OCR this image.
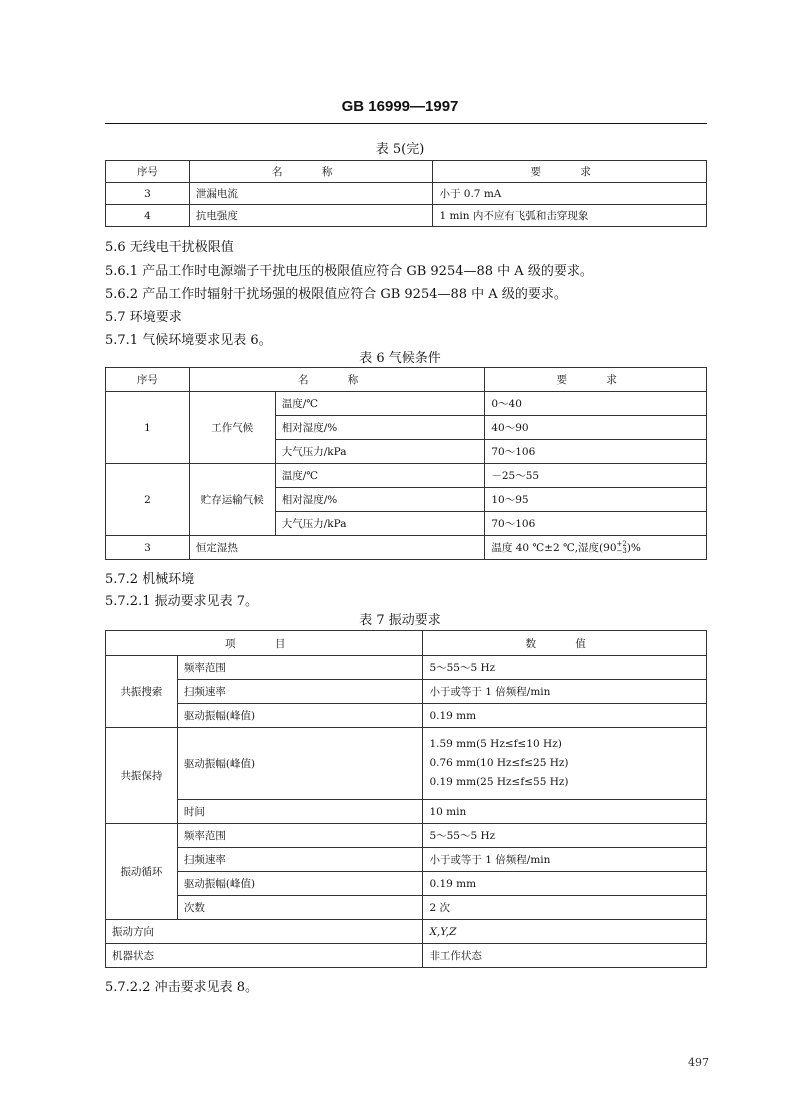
GB 16999—1997
表 5(完)
序号	名 称	要 求
3	泄漏电流	小于 0.7 mA
4	抗电强度	1 min 内不应有飞弧和击穿现象
5.6 无线电干扰极限值
5.6.1 产品工作时电源端子干扰电压的极限值应符合 GB 9254—88 中 A 级的要求。
5.6.2 产品工作时辐射干扰场强的极限值应符合 GB 9254—88 中 A 级的要求。
5.7 环境要求
5.7.1 气候环境要求见表 6。
表 6 气候条件
序号	名 称		要 求
1	工作气候	温度/℃	0～40
		相对湿度/%	40～90
		大气压力/kPa	70～106
2	贮存运输气候	温度/℃	－25～55
		相对湿度/%	10～95
		大气压力/kPa	70～106
3	恒定湿热		温度 40 ℃±2 ℃,湿度(90 +2
−3 )%
5.7.2 机械环境
5.7.2.1 振动要求见表 7。
表 7 振动要求
项 目		数 值
共振搜索	频率范围	5～55～5 Hz
	扫频速率	小于或等于 1 倍频程/min
	驱动振幅(峰值)	0.19 mm
共振保持	驱动振幅(峰值)	1.59 mm(5 Hz≤f≤10 Hz)
0.76 mm(10 Hz≤f≤25 Hz)
0.19 mm(25 Hz≤f≤55 Hz)

	时间	10 min
振动循环	频率范围	5～55～5 Hz
	扫频速率	小于或等于 1 倍频程/min
	驱动振幅(峰值)	0.19 mm
	次数	2 次
振动方向		X,Y,Z
机器状态		非工作状态
5.7.2.2 冲击要求见表 8。
497
